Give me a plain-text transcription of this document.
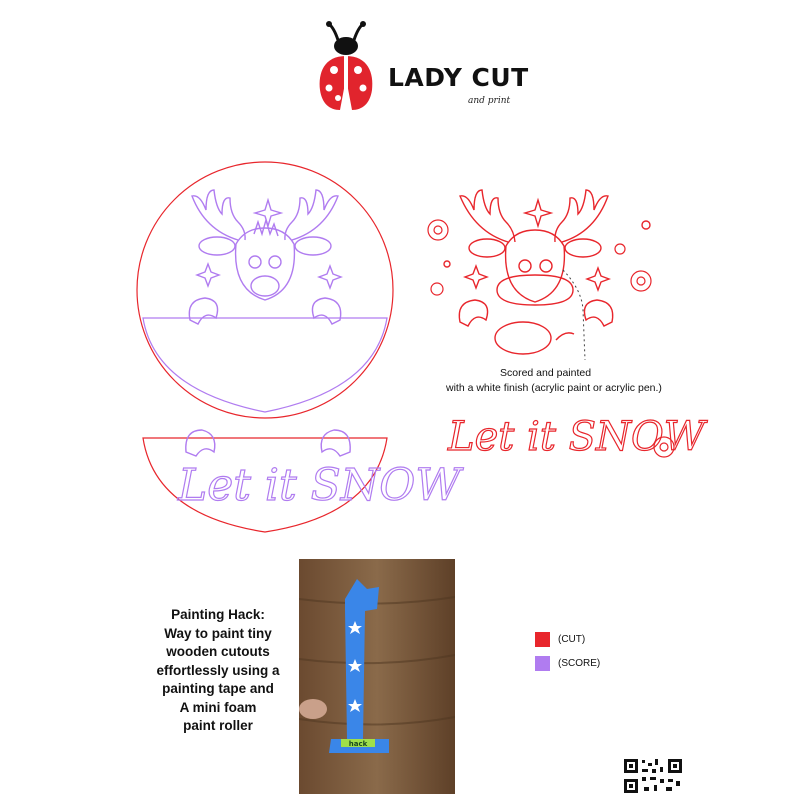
LADY CUT
and print
Let it SNOW
Let it SNOW
Scored and painted
with a white finish (acrylic paint or acrylic pen.)
Painting Hack:
Way to paint tiny
wooden cutouts
effortlessly using a
painting tape and
A mini foam
paint roller
hack
(CUT)
(SCORE)
